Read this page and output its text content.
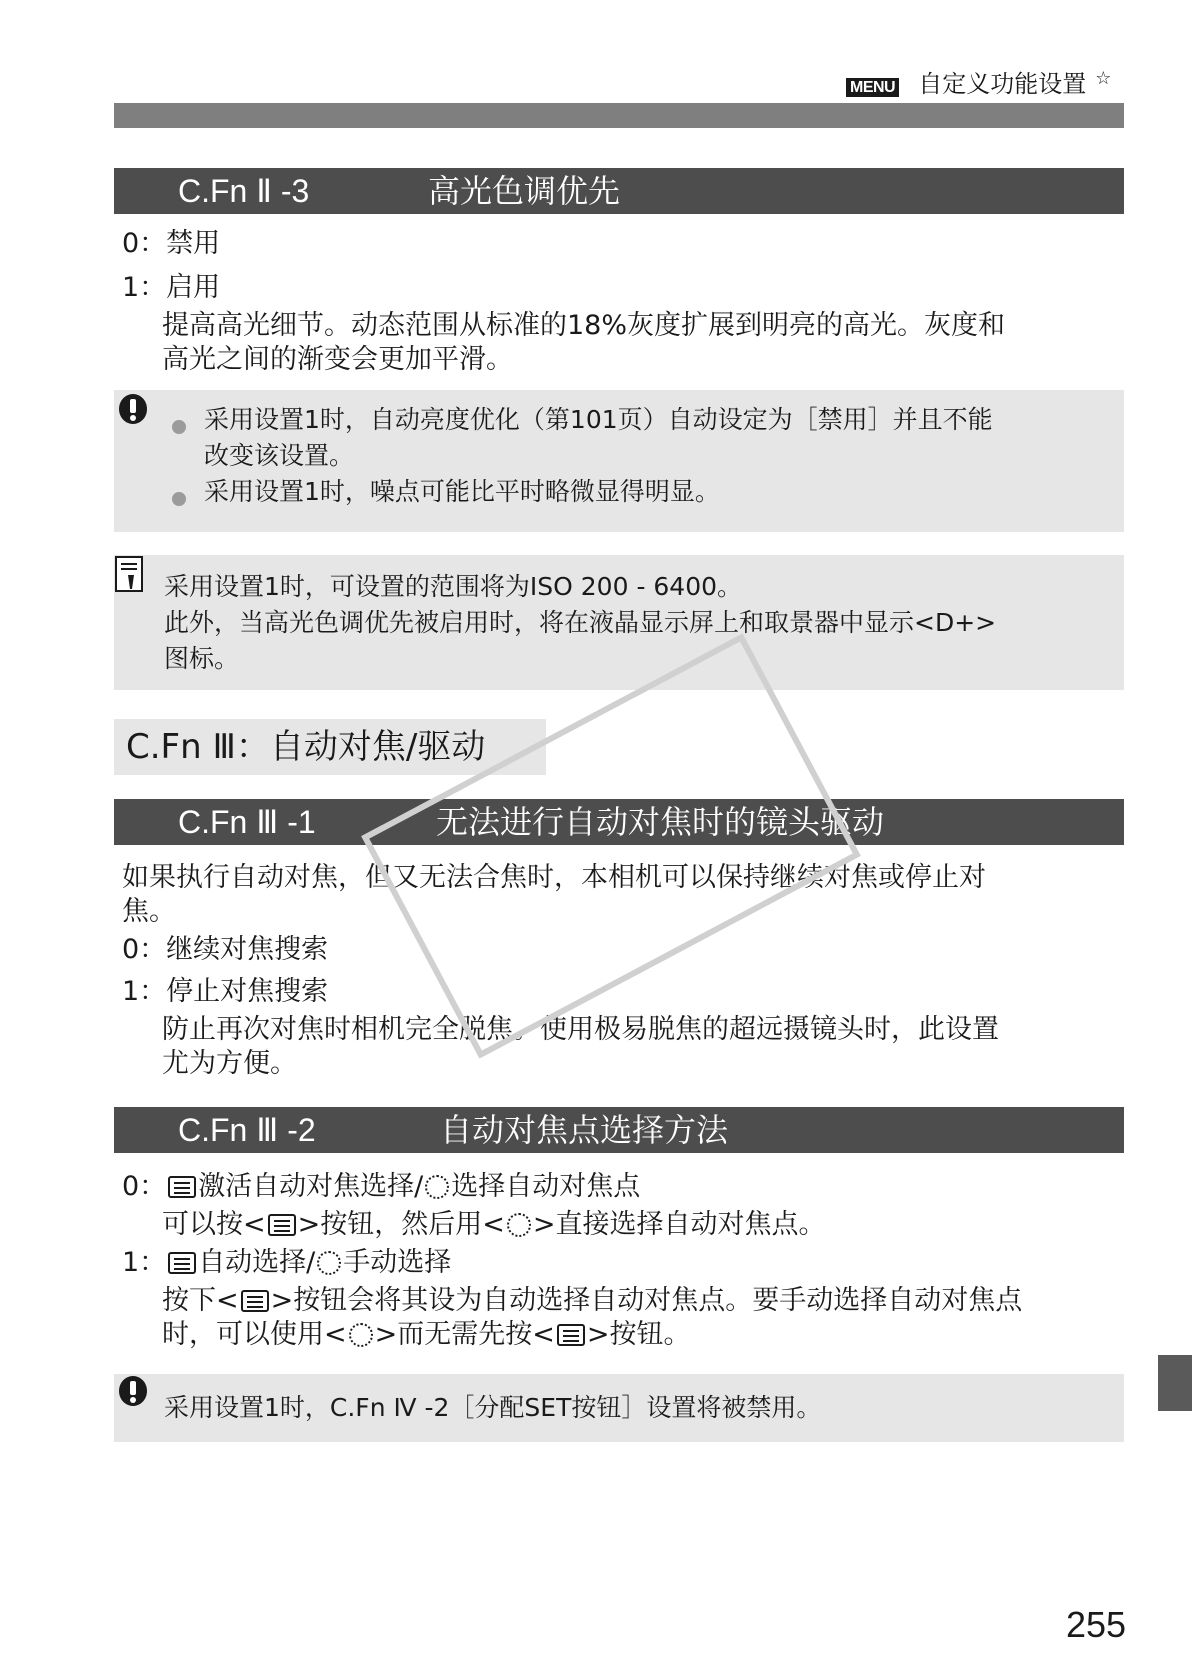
MENU 自定义功能设置 ☆
C.Fn Ⅱ -3	高光色调优先
0：禁用
1：启用
提高高光细节。动态范围从标准的18%灰度扩展到明亮的高光。灰度和
高光之间的渐变会更加平滑。
采用设置1时，自动亮度优化（第101页）自动设定为［禁用］并且不能
改变该设置。
采用设置1时，噪点可能比平时略微显得明显。
采用设置1时，可设置的范围将为ISO 200 - 6400。
此外，当高光色调优先被启用时，将在液晶显示屏上和取景器中显示<D+>
图标。
C.Fn Ⅲ：自动对焦/驱动
C.Fn Ⅲ -1	无法进行自动对焦时的镜头驱动
如果执行自动对焦，但又无法合焦时，本相机可以保持继续对焦或停止对
焦。
0：继续对焦搜索
1：停止对焦搜索
防止再次对焦时相机完全脱焦。使用极易脱焦的超远摄镜头时，此设置
尤为方便。
C.Fn Ⅲ -2	自动对焦点选择方法
0： 激活自动对焦选择/ 选择自动对焦点
可以按< >按钮，然后用< >直接选择自动对焦点。
1： 自动选择/ 手动选择
按下< >按钮会将其设为自动选择自动对焦点。要手动选择自动对焦点
时，可以使用< >而无需先按< >按钮。
采用设置1时，C.Fn Ⅳ -2［分配SET按钮］设置将被禁用。
255
